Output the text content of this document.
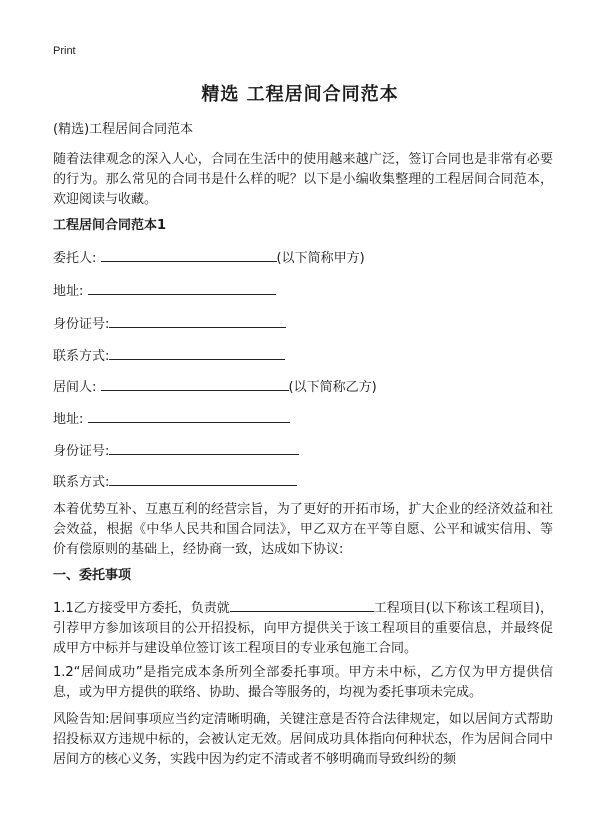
Print
精选 工程居间合同范本
(精选)工程居间合同范本
随着法律观念的深入人心，合同在生活中的使用越来越广泛，签订合同也是非常有必要的行为。那么常见的合同书是什么样的呢？以下是小编收集整理的工程居间合同范本，欢迎阅读与收藏。
工程居间合同范本1
委托人:	(以下简称甲方)
地址:
身份证号:
联系方式:
居间人:	(以下简称乙方)
地址:
身份证号:
联系方式:
本着优势互补、互惠互利的经营宗旨，为了更好的开拓市场，扩大企业的经济效益和社会效益，根据《中华人民共和国合同法》，甲乙双方在平等自愿、公平和诚实信用、等价有偿原则的基础上，经协商一致，达成如下协议:
一、委托事项
1.1乙方接受甲方委托，负责就	工程项目(以下称该工程项目)，引荐甲方参加该项目的公开招投标，向甲方提供关于该工程项目的重要信息，并最终促成甲方中标并与建设单位签订该工程项目的专业承包施工合同。
1.2“居间成功”是指完成本条所列全部委托事项。甲方未中标，乙方仅为甲方提供信息，或为甲方提供的联络、协助、撮合等服务的，均视为委托事项未完成。
风险告知:居间事项应当约定清晰明确，关键注意是否符合法律规定，如以居间方式帮助招投标双方违规中标的，会被认定无效。居间成功具体指向何种状态，作为居间合同中居间方的核心义务，实践中因为约定不清或者不够明确而导致纠纷的频
